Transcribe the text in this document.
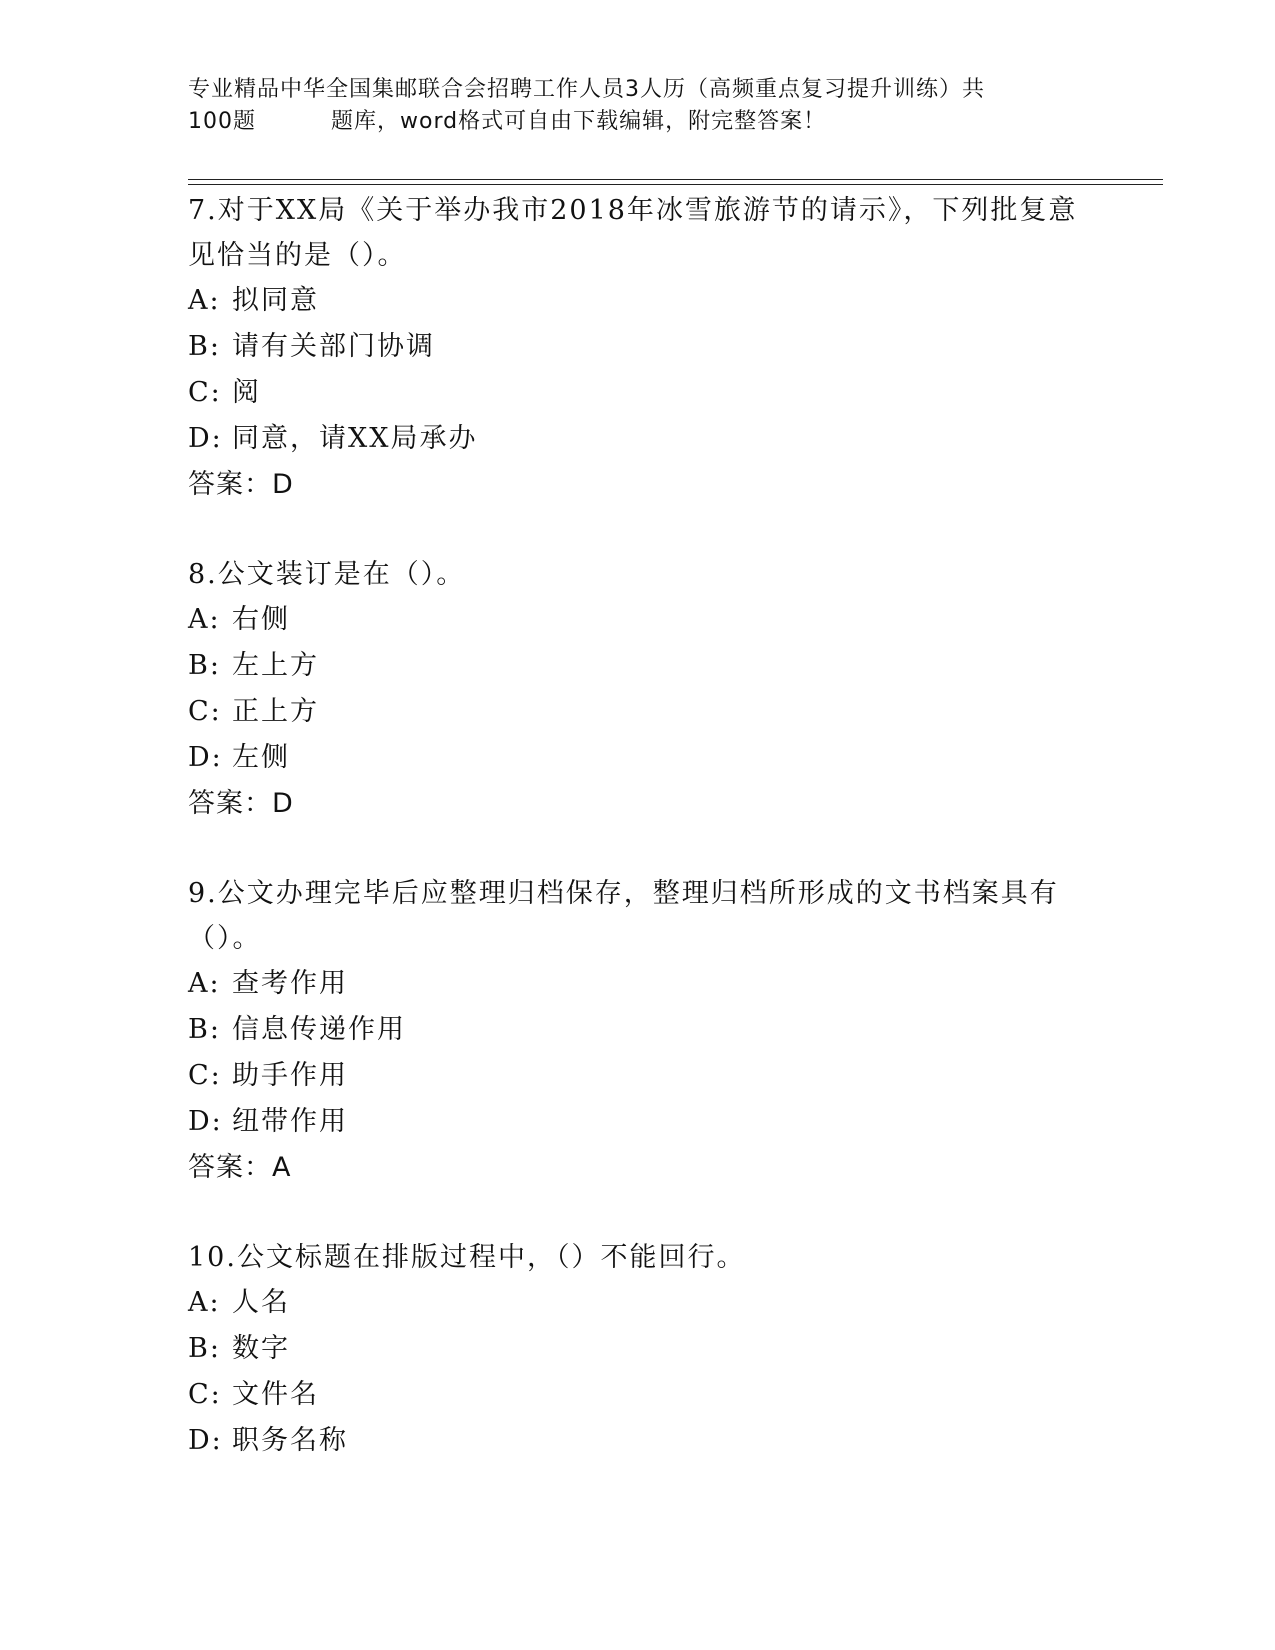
专业精品中华全国集邮联合会招聘工作人员3人历（高频重点复习提升训练）共
100题	题库，word格式可自由下载编辑，附完整答案！

7.对于XX局《关于举办我市2018年冰雪旅游节的请示》，下列批复意见恰当的是（）。

A: 拟同意

B: 请有关部门协调

C: 阅

D: 同意，请XX局承办

答案：D

8.公文装订是在（）。

A: 右侧

B: 左上方

C: 正上方

D: 左侧

答案：D

9.公文办理完毕后应整理归档保存，整理归档所形成的文书档案具有（）。

A: 查考作用

B: 信息传递作用

C: 助手作用

D: 纽带作用

答案：A

10.公文标题在排版过程中，（）不能回行。

A: 人名

B: 数字

C: 文件名

D: 职务名称
